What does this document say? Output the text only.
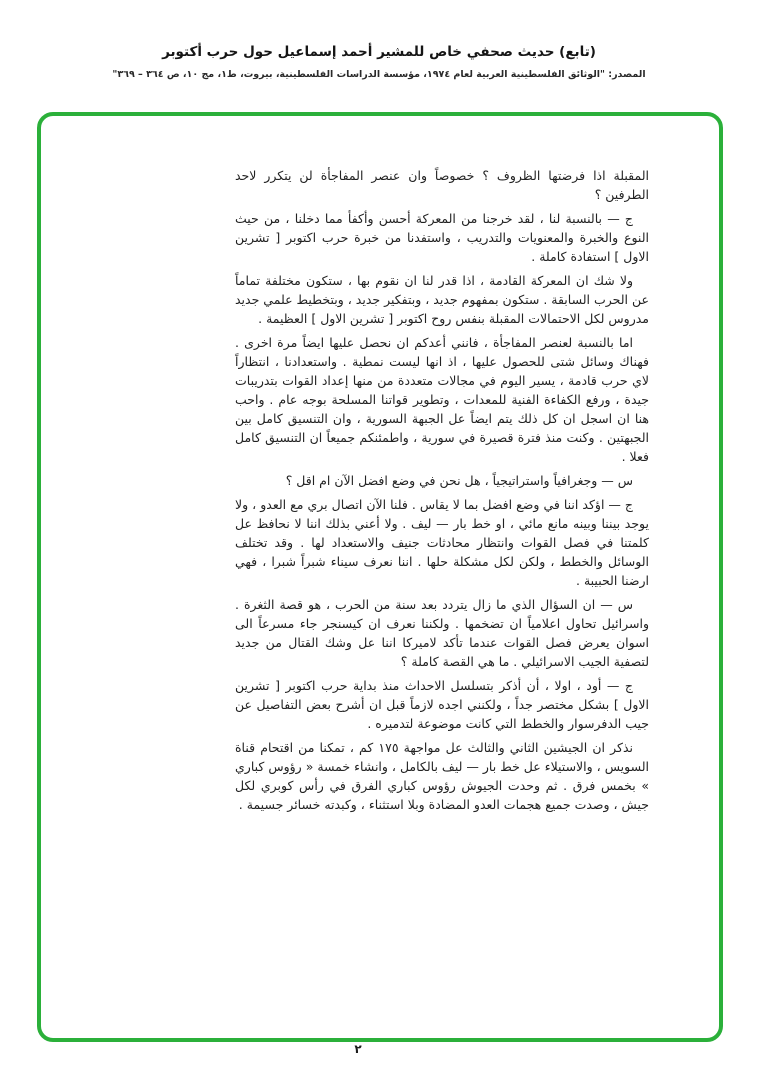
(تابع) حديث صحفي خاص للمشير أحمد إسماعيل حول حرب أكتوبر
المصدر: "الوثائق الفلسطينية العربية لعام ١٩٧٤، مؤسسة الدراسات الفلسطينية، بيروت، ط١، مج ١٠، ص ٣٦٤ – ٣٦٩"

المقبلة اذا فرضتها الظروف ؟ خصوصاً وان عنصر المفاجأة لن يتكرر لاحد الطرفين ؟

ج — بالنسبة لنا ، لقد خرجنا من المعركة أحسن وأكفأ مما دخلنا ، من حيث النوع والخبرة والمعنويات والتدريب ، واستفدنا من خبرة حرب اكتوبر [ تشرين الاول ] استفادة كاملة .

ولا شك ان المعركة القادمة ، اذا قدر لنا ان نقوم بها ، ستكون مختلفة تماماً عن الحرب السابقة . ستكون بمفهوم جديد ، وبتفكير جديد ، وبتخطيط علمي جديد مدروس لكل الاحتمالات المقبلة بنفس روح اكتوبر [ تشرين الاول ] العظيمة .

اما بالنسبة لعنصر المفاجأة ، فانني أعدكم ان نحصل عليها ايضاً مرة اخرى . فهناك وسائل شتى للحصول عليها ، اذ انها ليست نمطية . واستعدادنا ، انتظاراً لاي حرب قادمة ، يسير اليوم في مجالات متعددة من منها إعداد القوات بتدريبات جيدة ، ورفع الكفاءة الفنية للمعدات ، وتطوير قواتنا المسلحة بوجه عام . واحب هنا ان اسجل ان كل ذلك يتم ايضاً عل الجبهة السورية ، وان التنسيق كامل بين الجبهتين . وكنت منذ فترة قصيرة في سورية ، واطمئنكم جميعاً ان التنسيق كامل فعلا .

س — وجغرافياً واستراتيجياً ، هل نحن في وضع افضل الآن ام اقل ؟

ج — اؤكد اننا في وضع افضل بما لا يقاس . فلنا الآن اتصال بري مع العدو ، ولا يوجد بيننا وبينه مانع مائي ، او خط بار — ليف . ولا أعني بذلك اننا لا نحافظ عل كلمتنا في فصل القوات وانتظار محادثات جنيف والاستعداد لها . وقد تختلف الوسائل والخطط ، ولكن لكل مشكلة حلها . اننا نعرف سيناء شبراً شبرا ، فهي ارضنا الحبيبة .

س — ان السؤال الذي ما زال يتردد بعد سنة من الحرب ، هو قصة الثغرة . واسرائيل تحاول اعلامياً ان تضخمها . ولكننا نعرف ان كيسنجر جاء مسرعاً الى اسوان يعرض فصل القوات عندما تأكد لاميركا اننا عل وشك القتال من جديد لتصفية الجيب الاسرائيلي . ما هي القصة كاملة ؟

ج — أود ، اولا ، أن أذكر بتسلسل الاحداث منذ بداية حرب اكتوبر [ تشرين الاول ] بشكل مختصر جداً ، ولكنني اجده لازماً قبل ان أشرح بعض التفاصيل عن جيب الدفرسوار والخطط التي كانت موضوعة لتدميره .

نذكر ان الجيشين الثاني والثالث عل مواجهة ١٧٥ كم ، تمكنا من اقتحام قناة السويس ، والاستيلاء عل خط بار — ليف بالكامل ، وانشاء خمسة « رؤوس كباري » بخمس فرق . ثم وحدت الجيوش رؤوس كباري الفرق في رأس كوبري لكل جيش ، وصدت جميع هجمات العدو المضادة وبلا استثناء ، وكبدته خسائر جسيمة .

٢
